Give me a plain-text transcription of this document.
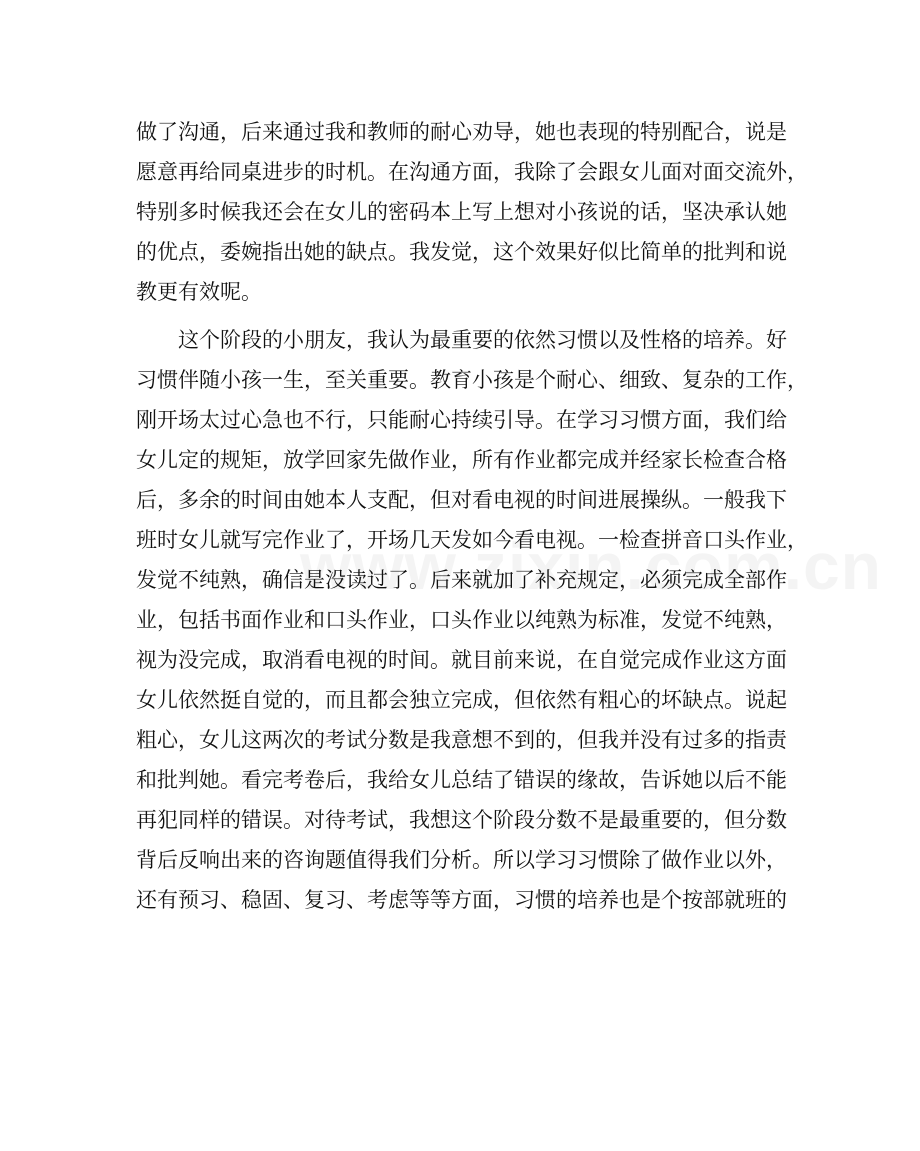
做了沟通，后来通过我和教师的耐心劝导，她也表现的特别配合，说是
愿意再给同桌进步的时机。在沟通方面，我除了会跟女儿面对面交流外，
特别多时候我还会在女儿的密码本上写上想对小孩说的话，坚决承认她
的优点，委婉指出她的缺点。我发觉，这个效果好似比简单的批判和说
教更有效呢。
这个阶段的小朋友，我认为最重要的依然习惯以及性格的培养。好
习惯伴随小孩一生，至关重要。教育小孩是个耐心、细致、复杂的工作，
刚开场太过心急也不行，只能耐心持续引导。在学习习惯方面，我们给
女儿定的规矩，放学回家先做作业，所有作业都完成并经家长检查合格
后，多余的时间由她本人支配，但对看电视的时间进展操纵。一般我下
班时女儿就写完作业了，开场几天发如今看电视。一检查拼音口头作业，
发觉不纯熟，确信是没读过了。后来就加了补充规定，必须完成全部作
业，包括书面作业和口头作业，口头作业以纯熟为标准，发觉不纯熟，
视为没完成，取消看电视的时间。就目前来说，在自觉完成作业这方面
女儿依然挺自觉的，而且都会独立完成，但依然有粗心的坏缺点。说起
粗心，女儿这两次的考试分数是我意想不到的，但我并没有过多的指责
和批判她。看完考卷后，我给女儿总结了错误的缘故，告诉她以后不能
再犯同样的错误。对待考试，我想这个阶段分数不是最重要的，但分数
背后反响出来的咨询题值得我们分析。所以学习习惯除了做作业以外，
还有预习、稳固、复习、考虑等等方面，习惯的培养也是个按部就班的
